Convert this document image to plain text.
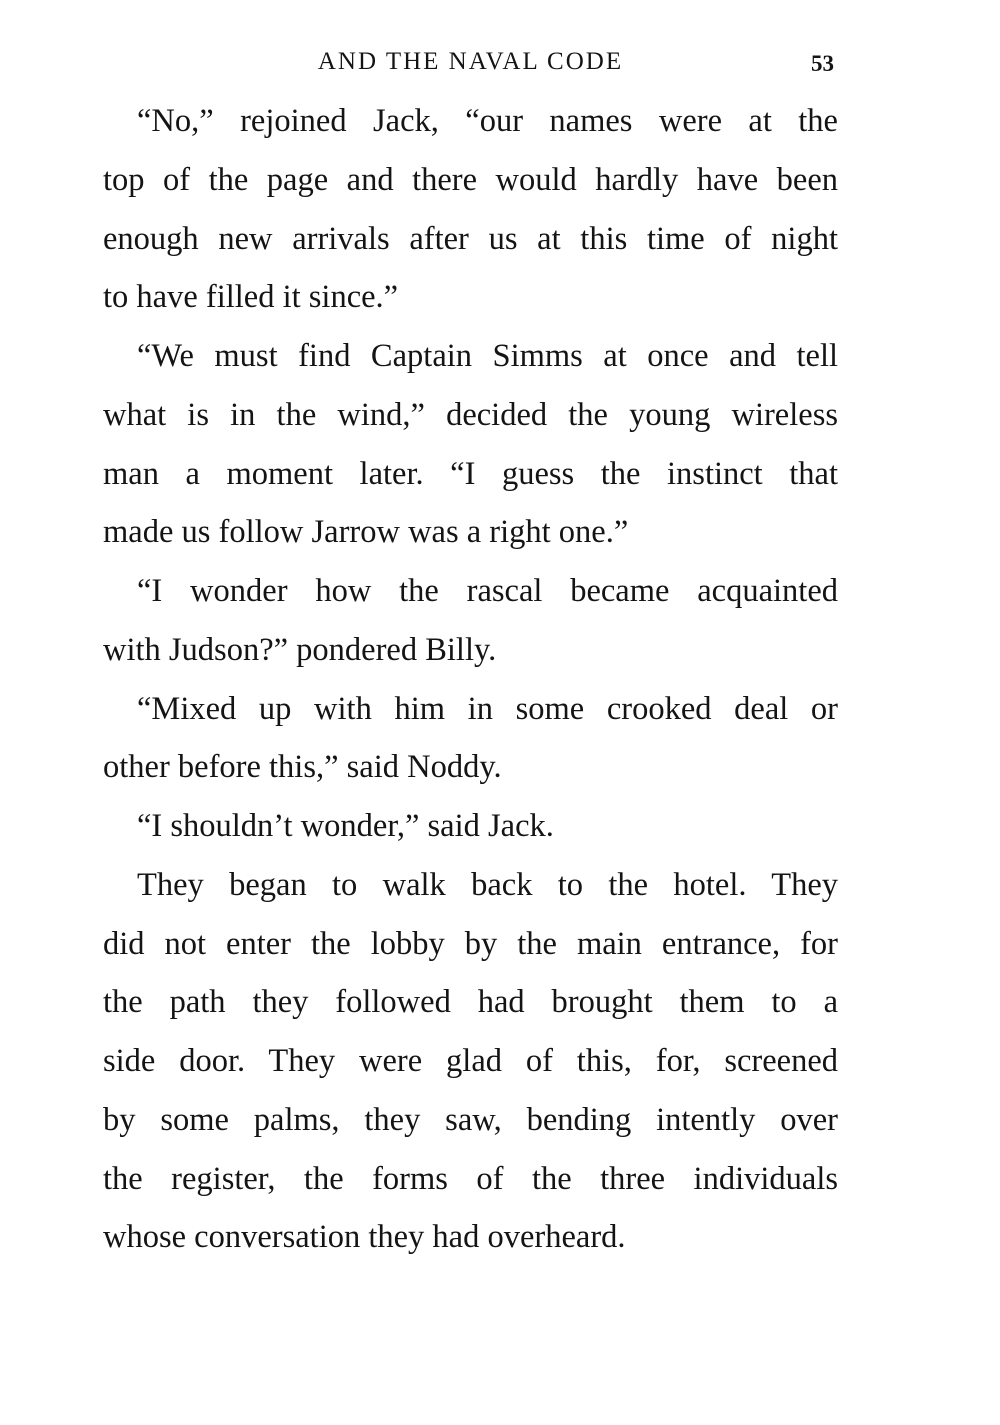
AND THE NAVAL CODE	53
“No,” rejoined Jack, “our names were at the
top of the page and there would hardly have been
enough new arrivals after us at this time of night
to have filled it since.”
“We must find Captain Simms at once and tell
what is in the wind,” decided the young wireless
man a moment later. “I guess the instinct that
made us follow Jarrow was a right one.”
“I wonder how the rascal became acquainted
with Judson?” pondered Billy.
“Mixed up with him in some crooked deal or
other before this,” said Noddy.
“I shouldn’t wonder,” said Jack.
They began to walk back to the hotel. They
did not enter the lobby by the main entrance, for
the path they followed had brought them to a
side door. They were glad of this, for, screened
by some palms, they saw, bending intently over
the register, the forms of the three individuals
whose conversation they had overheard.
